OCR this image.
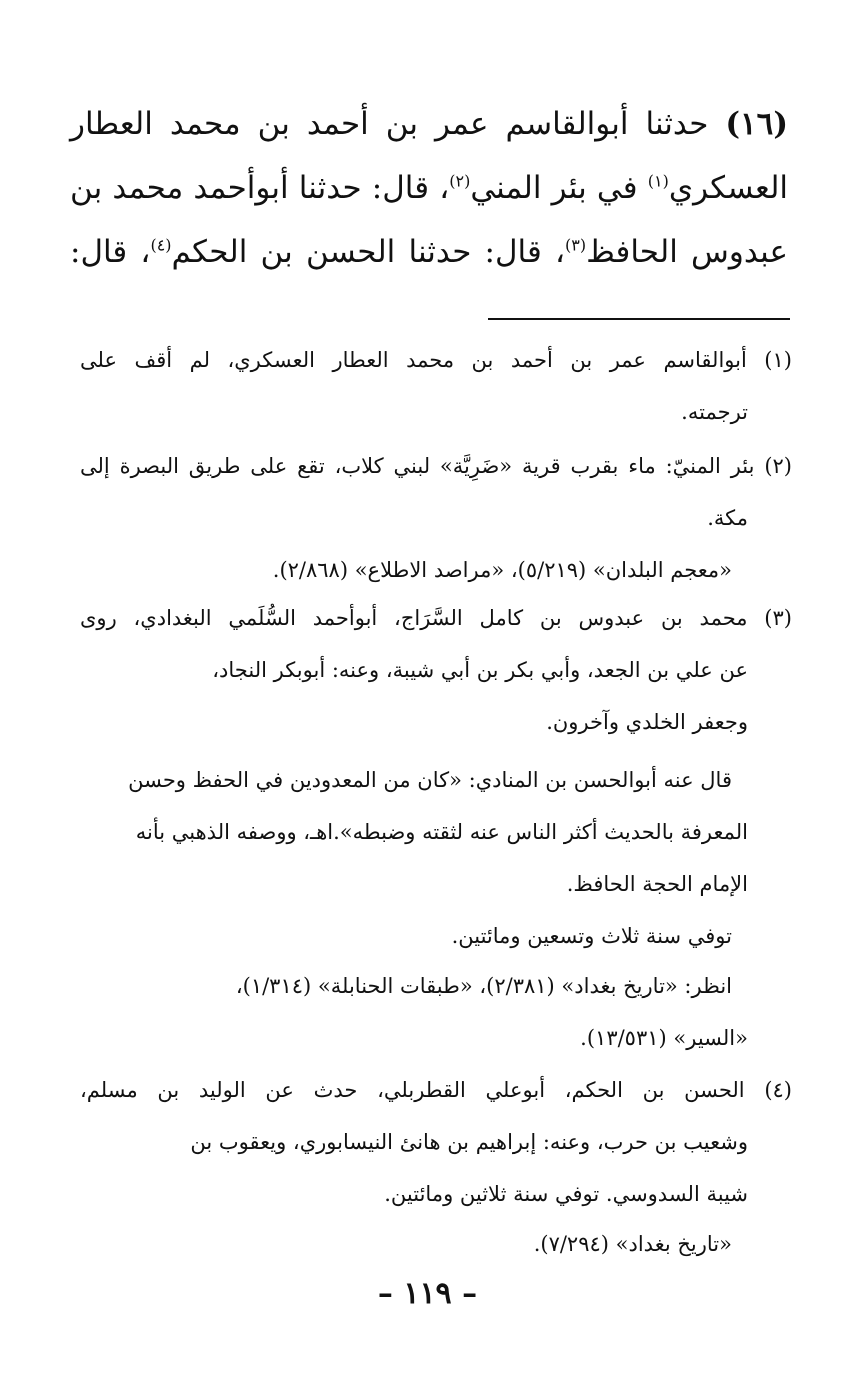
(١٦) حدثنا أبوالقاسم عمر بن أحمد بن محمد العطار
العسكري$^{(١)}$ في بئر المني$^{(٢)}$، قال: حدثنا أبوأحمد محمد بن
عبدوس الحافظ$^{(٣)}$، قال: حدثنا الحسن بن الحكم$^{(٤)}$، قال:
(١) أبوالقاسم عمر بن أحمد بن محمد العطار العسكري، لم أقف على
ترجمته.
(٢) بئر المنيّ: ماء بقرب قرية «ضَرِيَّة» لبني كلاب، تقع على طريق البصرة إلى
مكة.
«معجم البلدان» (٥/٢١٩)، «مراصد الاطلاع» (٢/٨٦٨).
(٣) محمد بن عبدوس بن كامل السَّرَاج، أبوأحمد السُّلَمي البغدادي، روى
عن علي بن الجعد، وأبي بكر بن أبي شيبة، وعنه: أبوبكر النجاد،
وجعفر الخلدي وآخرون.
قال عنه أبوالحسن بن المنادي: «كان من المعدودين في الحفظ وحسن
المعرفة بالحديث أكثر الناس عنه لثقته وضبطه».اهـ، ووصفه الذهبي بأنه
الإمام الحجة الحافظ.
توفي سنة ثلاث وتسعين ومائتين.
انظر: «تاريخ بغداد» (٢/٣٨١)، «طبقات الحنابلة» (١/٣١٤)،
«السير» (١٣/٥٣١).
(٤) الحسن بن الحكم، أبوعلي القطربلي، حدث عن الوليد بن مسلم،
وشعيب بن حرب، وعنه: إبراهيم بن هانئ النيسابوري، ويعقوب بن
شيبة السدوسي. توفي سنة ثلاثين ومائتين.
«تاريخ بغداد» (٧/٢٩٤).
– ١١٩ –
